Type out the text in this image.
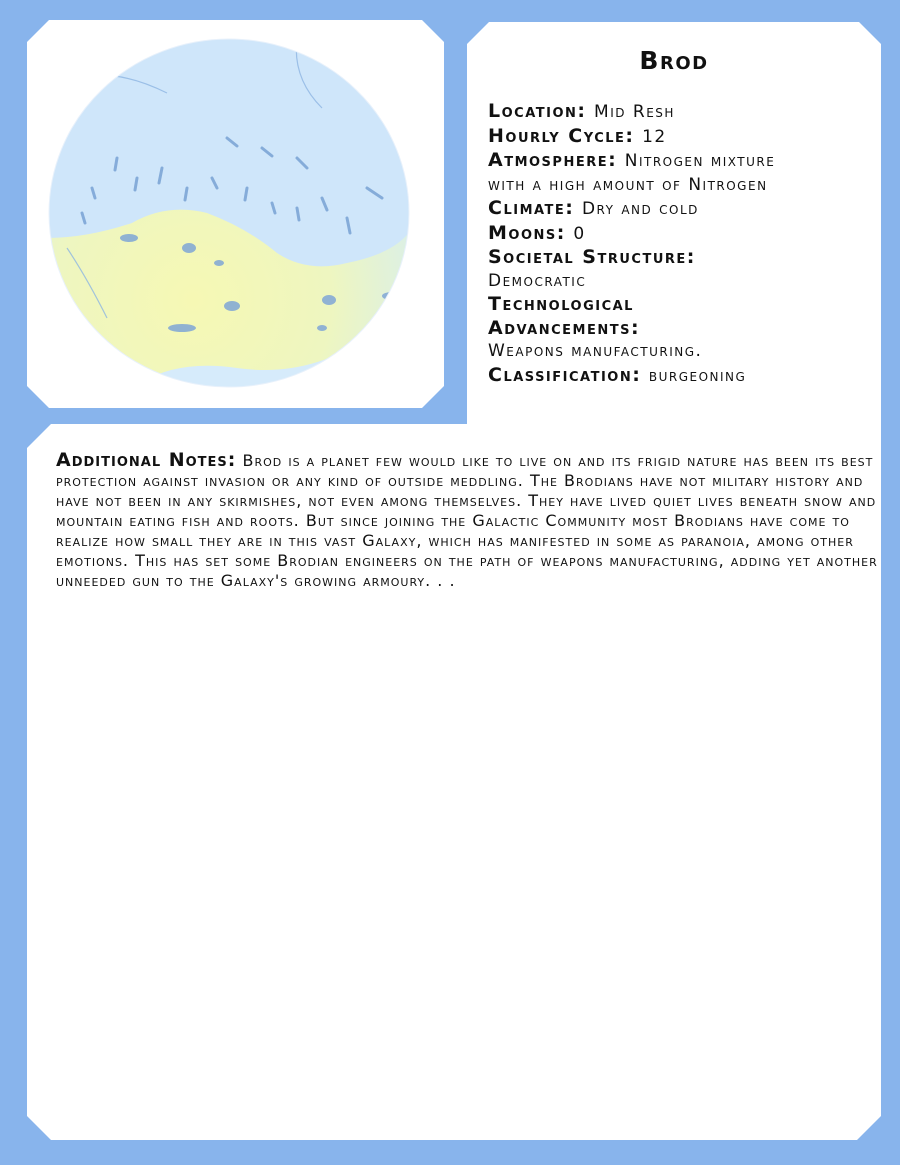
Brod
Location: Mid Resh
Hourly Cycle: 12
Atmosphere: Nitrogen mixture
with a high amount of Nitrogen
Climate: Dry and cold
Moons: 0
Societal Structure:
Democratic
Technological
Advancements:
Weapons manufacturing.
Classification: burgeoning
Additional Notes: Brod is a planet few would like to live on and its frigid nature has been its best protection against invasion or any kind of outside meddling. The Brodians have not military history and have not been in any skirmishes, not even among themselves. They have lived quiet lives beneath snow and mountain eating fish and roots. But since joining the Galactic Community most Brodians have come to realize how small they are in this vast Galaxy, which has manifested in some as paranoia, among other emotions. This has set some Brodian engineers on the path of weapons manufacturing, adding yet another unneeded gun to the Galaxy's growing armoury. . .
